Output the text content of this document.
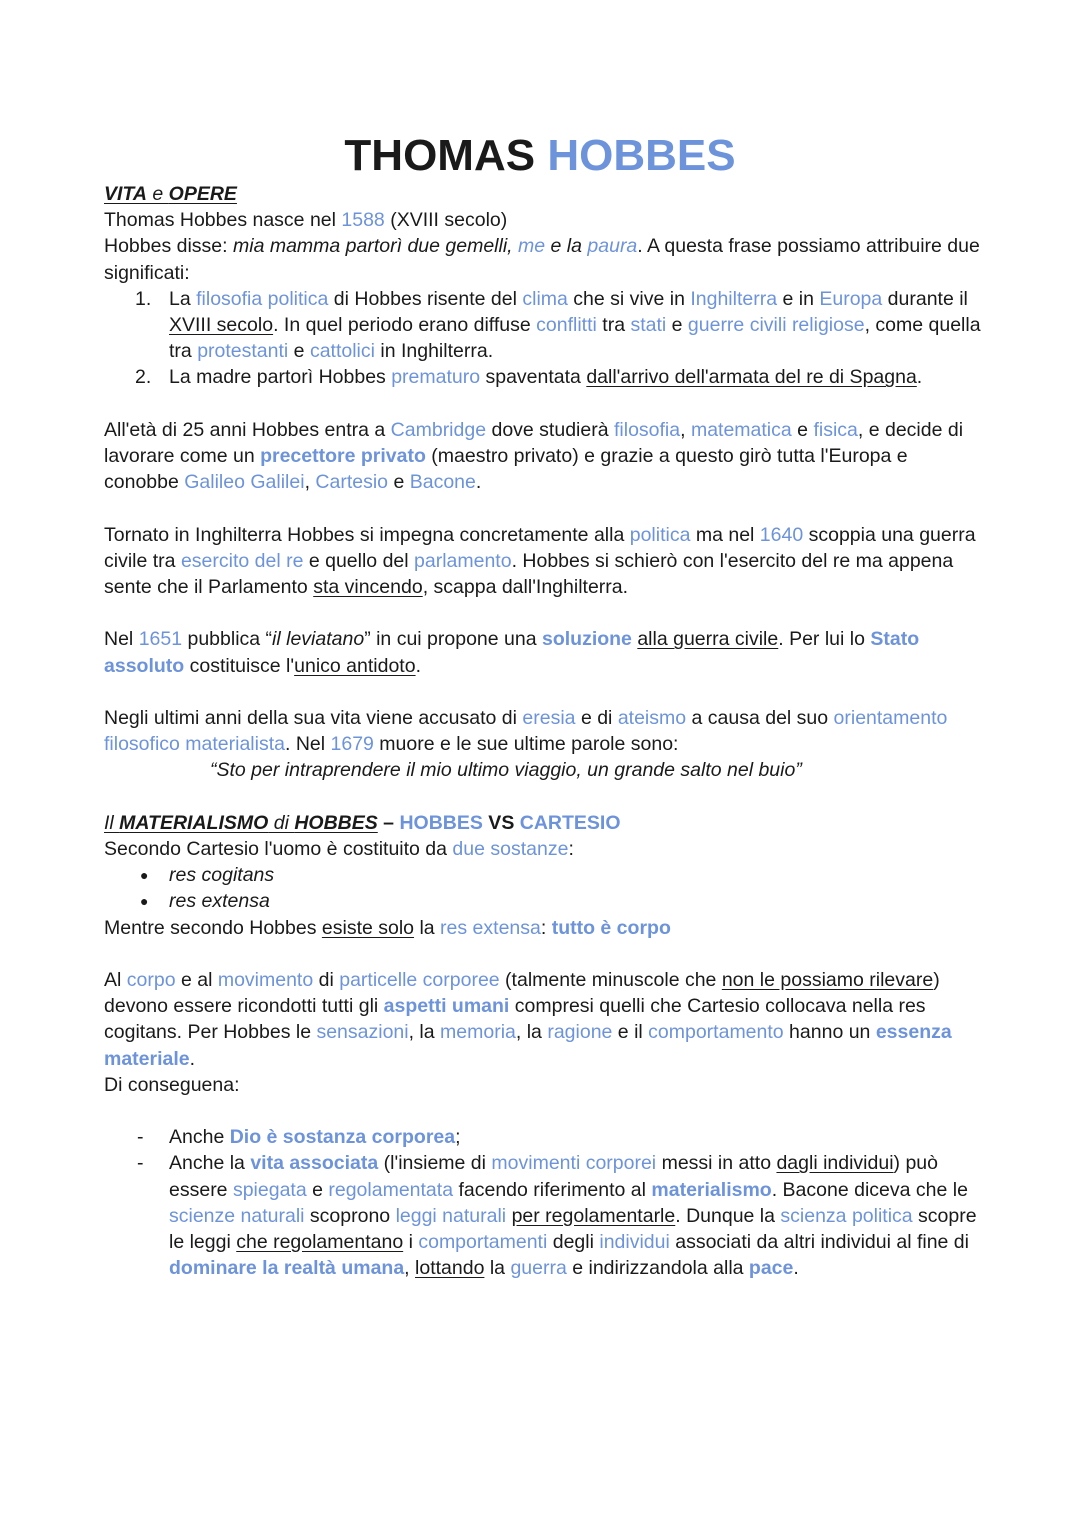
THOMAS HOBBES
VITA e OPERE
Thomas Hobbes nasce nel 1588 (XVIII secolo)
Hobbes disse: mia mamma partorì due gemelli, me e la paura. A questa frase possiamo attribuire due significati:
1. La filosofia politica di Hobbes risente del clima che si vive in Inghilterra e in Europa durante il XVIII secolo. In quel periodo erano diffuse conflitti tra stati e guerre civili religiose, come quella tra protestanti e cattolici in Inghilterra.
2. La madre partorì Hobbes prematuro spaventata dall'arrivo dell'armata del re di Spagna.
All'età di 25 anni Hobbes entra a Cambridge dove studierà filosofia, matematica e fisica, e decide di lavorare come un precettore privato (maestro privato) e grazie a questo girò tutta l'Europa e conobbe Galileo Galilei, Cartesio e Bacone.
Tornato in Inghilterra Hobbes si impegna concretamente alla politica ma nel 1640 scoppia una guerra civile tra esercito del re e quello del parlamento. Hobbes si schierò con l'esercito del re ma appena sente che il Parlamento sta vincendo, scappa dall'Inghilterra.
Nel 1651 pubblica “il leviatano” in cui propone una soluzione alla guerra civile. Per lui lo Stato assoluto costituisce l'unico antidoto.
Negli ultimi anni della sua vita viene accusato di eresia e di ateismo a causa del suo orientamento filosofico materialista. Nel 1679 muore e le sue ultime parole sono:
“Sto per intraprendere il mio ultimo viaggio, un grande salto nel buio”
Il MATERIALISMO di HOBBES – HOBBES VS CARTESIO
Secondo Cartesio l'uomo è costituito da due sostanze:
● res cogitans
● res extensa
Mentre secondo Hobbes esiste solo la res extensa: tutto è corpo
Al corpo e al movimento di particelle corporee (talmente minuscole che non le possiamo rilevare) devono essere ricondotti tutti gli aspetti umani compresi quelli che Cartesio collocava nella res cogitans. Per Hobbes le sensazioni, la memoria, la ragione e il comportamento hanno un essenza materiale.
Di conseguena:
- Anche Dio è sostanza corporea;
- Anche la vita associata (l'insieme di movimenti corporei messi in atto dagli individui) può essere spiegata e regolamentata facendo riferimento al materialismo. Bacone diceva che le scienze naturali scoprono leggi naturali per regolamentarle. Dunque la scienza politica scopre le leggi che regolamentano i comportamenti degli individui associati da altri individui al fine di dominare la realtà umana, lottando la guerra e indirizzandola alla pace.
